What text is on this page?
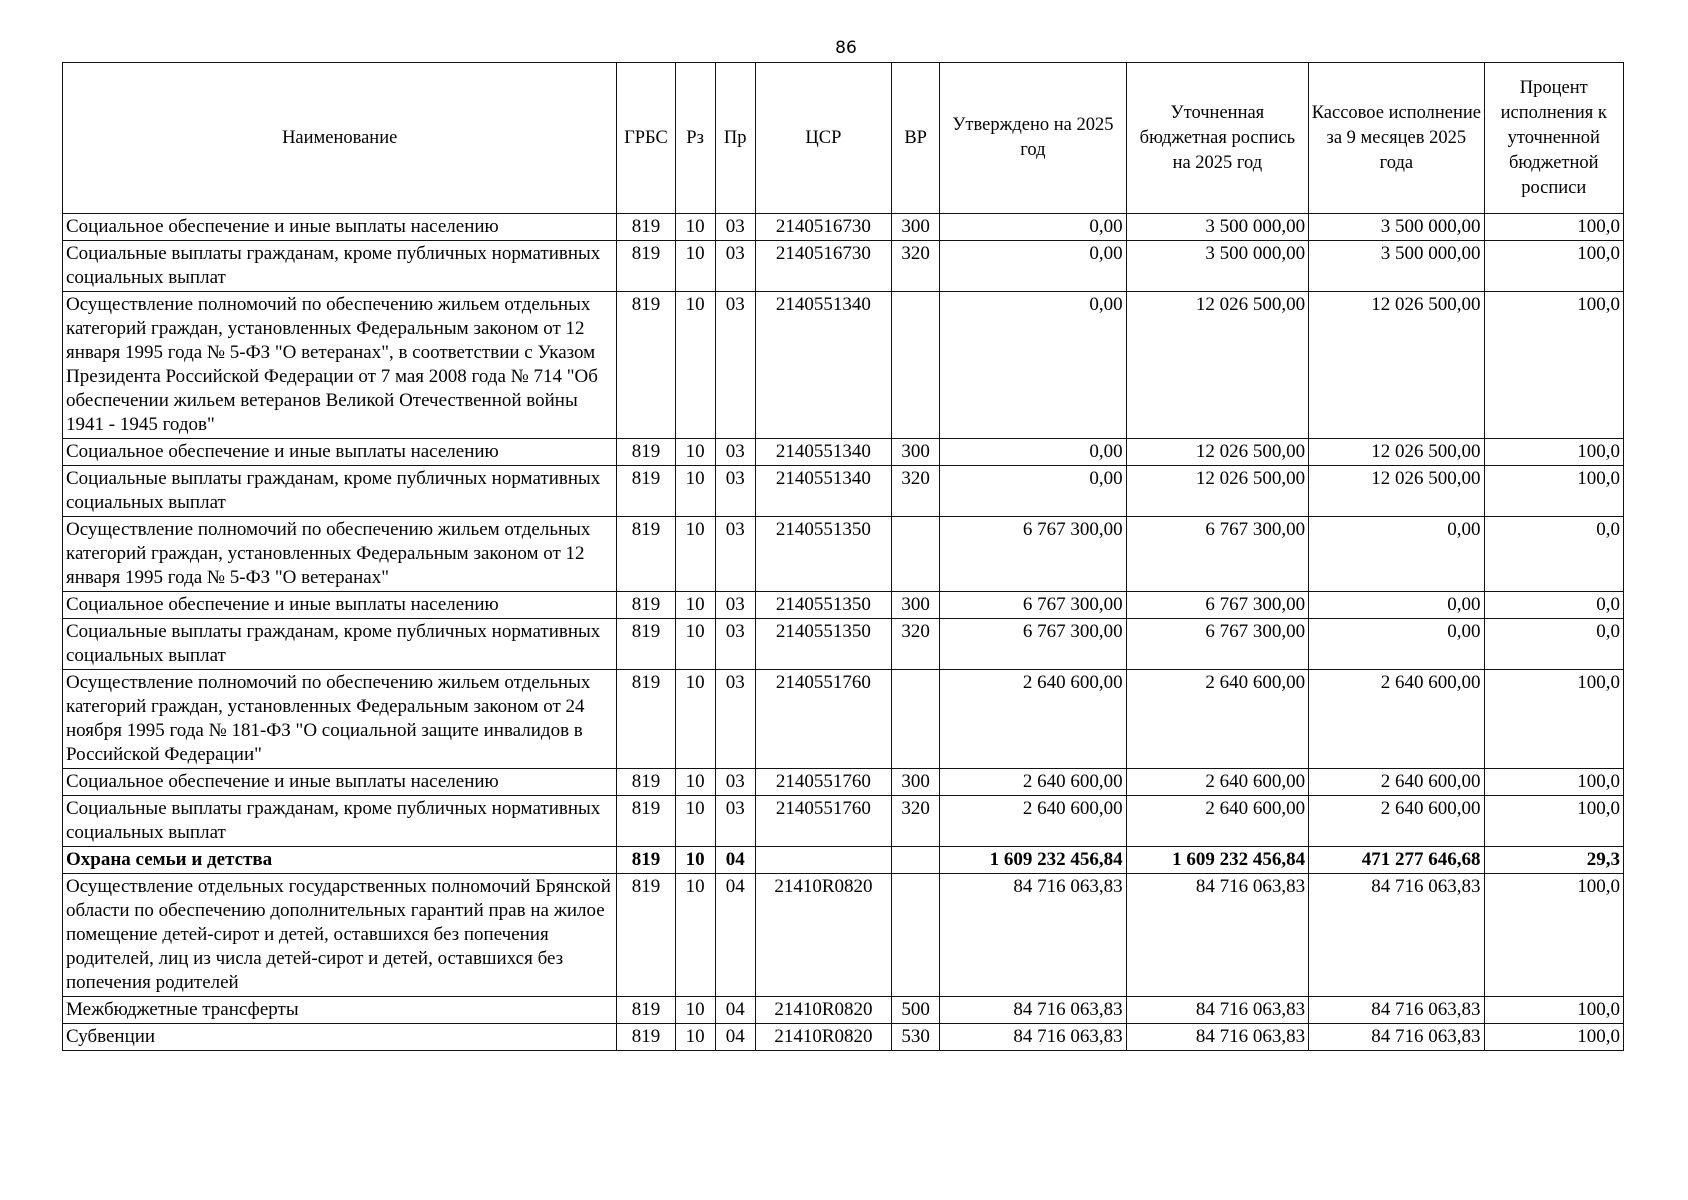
86
Наименование	ГРБС	Рз	Пр	ЦСР	ВР	Утверждено на 2025 год	Уточненная бюджетная роспись на 2025 год	Кассовое исполнение за 9 месяцев 2025 года	Процент исполнения к уточненной бюджетной росписи
Социальное обеспечение и иные выплаты населению	819	10	03	2140516730	300	0,00	3 500 000,00	3 500 000,00	100,0
Социальные выплаты гражданам, кроме публичных нормативных социальных выплат	819	10	03	2140516730	320	0,00	3 500 000,00	3 500 000,00	100,0
Осуществление полномочий по обеспечению жильем отдельных категорий граждан, установленных Федеральным законом от 12 января 1995 года № 5-ФЗ "О ветеранах", в соответствии с Указом Президента Российской Федерации от 7 мая 2008 года № 714 "Об обеспечении жильем ветеранов Великой Отечественной войны 1941 - 1945 годов"	819	10	03	2140551340		0,00	12 026 500,00	12 026 500,00	100,0
Социальное обеспечение и иные выплаты населению	819	10	03	2140551340	300	0,00	12 026 500,00	12 026 500,00	100,0
Социальные выплаты гражданам, кроме публичных нормативных социальных выплат	819	10	03	2140551340	320	0,00	12 026 500,00	12 026 500,00	100,0
Осуществление полномочий по обеспечению жильем отдельных категорий граждан, установленных Федеральным законом от 12 января 1995 года № 5-ФЗ "О ветеранах"	819	10	03	2140551350		6 767 300,00	6 767 300,00	0,00	0,0
Социальное обеспечение и иные выплаты населению	819	10	03	2140551350	300	6 767 300,00	6 767 300,00	0,00	0,0
Социальные выплаты гражданам, кроме публичных нормативных социальных выплат	819	10	03	2140551350	320	6 767 300,00	6 767 300,00	0,00	0,0
Осуществление полномочий по обеспечению жильем отдельных категорий граждан, установленных Федеральным законом от 24 ноября 1995 года № 181-ФЗ "О социальной защите инвалидов в Российской Федерации"	819	10	03	2140551760		2 640 600,00	2 640 600,00	2 640 600,00	100,0
Социальное обеспечение и иные выплаты населению	819	10	03	2140551760	300	2 640 600,00	2 640 600,00	2 640 600,00	100,0
Социальные выплаты гражданам, кроме публичных нормативных социальных выплат	819	10	03	2140551760	320	2 640 600,00	2 640 600,00	2 640 600,00	100,0
Охрана семьи и детства	819	10	04			1 609 232 456,84	1 609 232 456,84	471 277 646,68	29,3
Осуществление отдельных государственных полномочий Брянской области по обеспечению дополнительных гарантий прав на жилое помещение детей-сирот и детей, оставшихся без попечения родителей, лиц из числа детей-сирот и детей, оставшихся без попечения родителей	819	10	04	21410R0820		84 716 063,83	84 716 063,83	84 716 063,83	100,0
Межбюджетные трансферты	819	10	04	21410R0820	500	84 716 063,83	84 716 063,83	84 716 063,83	100,0
Субвенции	819	10	04	21410R0820	530	84 716 063,83	84 716 063,83	84 716 063,83	100,0
